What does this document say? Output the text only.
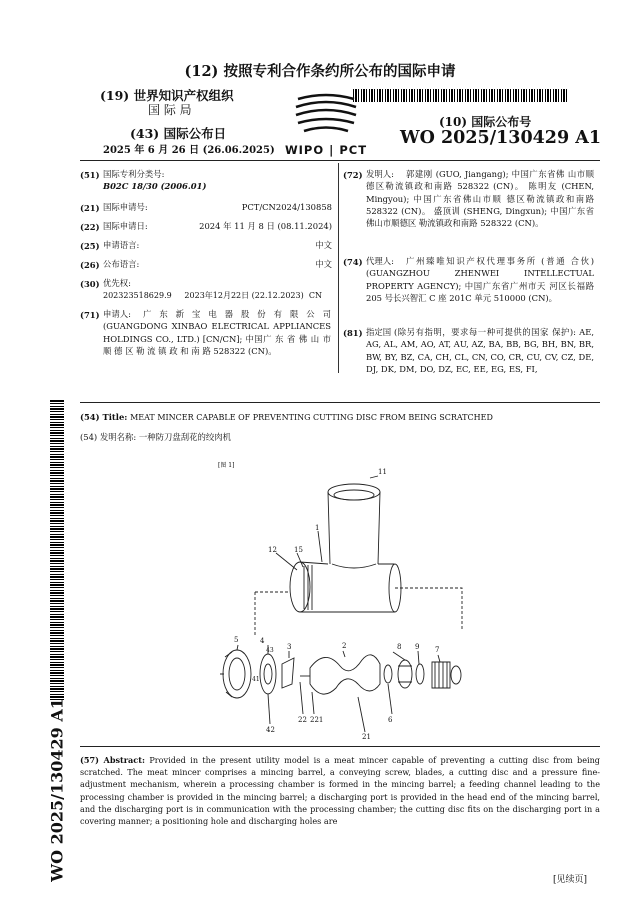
(12) 按照专利合作条约所公布的国际申请
(19) 世界知识产权组织
国 际 局
(43) 国际公布日
2025 年 6 月 26 日 (26.06.2025) WIPO | PCT
(10) 国际公布号
WO 2025/130429 A1
(51) 国际专利分类号:
B02C 18/30 (2006.01)
(21) 国际申请号:	PCT/CN2024/130858
(22) 国际申请日:	2024 年 11 月 8 日 (08.11.2024)
(25) 申请语言:	中文
(26) 公布语言:	中文
(30) 优先权:
202323518629.9     2023年12月22日 (22.12.2023)  CN
(71) 申请人:	广 东 新 宝 电 器 股 份 有 限 公 司 (GUANGDONG XINBAO ELECTRICAL APPLIANCES HOLDINGS CO., LTD.) [CN/CN]; 中国广 东 省 佛 山 市 顺 德 区 勒 流 镇 政 和 南 路 528322 (CN)。
(72) 发明人:	郭建刚 (GUO, Jiangang); 中国广东省佛 山市顺德区勒流镇政和南路 528322 (CN)。 陈明友 (CHEN, Mingyou); 中国广东省佛山市顺 德区勒流镇政和南路 528322 (CN)。 盛顶训 (SHENG, Dingxun); 中国广东省佛山市顺德区 勒流镇政和南路 528322 (CN)。
(74) 代理人:	广州臻唯知识产权代理事务所 (普通 合伙) (GUANGZHOU ZHENWEI INTELLECTUAL PROPERTY AGENCY); 中国广东省广州市天 河区长福路 205 号长兴智汇 C 座 201C 单元 510000 (CN)。
(81) 指定国 (除另有指明，要求每一种可提供的国家 保护): AE, AG, AL, AM, AO, AT, AU, AZ, BA, BB, BG, BH, BN, BR, BW, BY, BZ, CA, CH, CL, CN, CO, CR, CU, CV, CZ, DE, DJ, DK, DM, DO, DZ, EC, EE, EG, ES, FI,
(54) Title: MEAT MINCER CAPABLE OF PREVENTING CUTTING DISC FROM BEING SCRATCHED
(54) 发明名称: 一种防刀盘刮花的绞肉机
[图 1]
11
1
12 15
2
3
4
43
41
42
5
6
7
8 9
21
22 221
(57) Abstract: Provided in the present utility model is a meat mincer capable of preventing a cutting disc from being scratched. The meat mincer comprises a mincing barrel, a conveying screw, blades, a cutting disc and a pressure fine-adjustment mechanism, wherein a processing chamber is formed in the mincing barrel; a feeding channel leading to the processing chamber is provided in the mincing barrel; a discharging port is provided in the head end of the mincing barrel, and the discharging port is in communication with the processing chamber; the cutting disc fits on the discharging port in a covering manner; a positioning hole and discharging holes are
WO 2025/130429 A1	[见续页]
